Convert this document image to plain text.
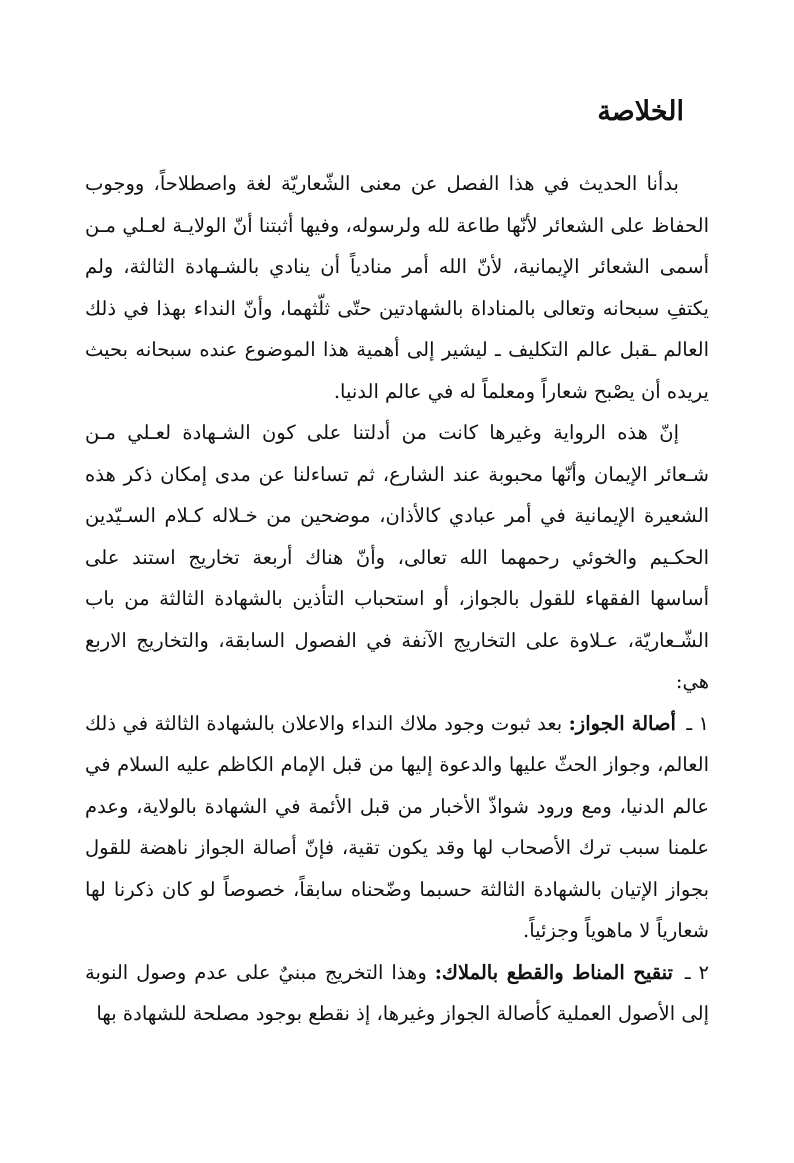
الخلاصة

بدأنا الحديث في هذا الفصل عن معنى الشّعاريّة لغة واصطلاحاً، ووجوب الحفاظ على الشعائر لأنّها طاعة لله ولرسوله، وفيها أثبتنا أنّ الولايـة لعـلي مـن أسمى الشعائر الإيمانية، لأنّ الله أمر منادياً أن ينادي بالشـهادة الثالثة، ولم يكتفِ سبحانه وتعالى بالمناداة بالشهادتين حتّى ثلّثهما، وأنّ النداء بهذا في ذلك العالم ـقبل عالم التكليف ـ ليشير إلى أهمية هذا الموضوع عنده سبحانه بحيث يريده أن يصْبح شعاراً ومعلماً له في عالم الدنيا.

إنّ هذه الرواية وغيرها كانت من أدلتنا على كون الشـهادة لعـلي مـن شـعائر الإيمان وأنّها محبوبة عند الشارع، ثم تساءلنا عن مدى إمكان ذكر هذه الشعيرة الإيمانية في أمر عبادي كالأذان، موضحين من خـلاله كـلام السـيّدين الحكـيم والخوئي رحمهما الله تعالى، وأنّ هناك أربعة تخاريج استند على أساسها الفقهاء للقول بالجواز، أو استحباب التأذين بالشهادة الثالثة من باب الشّـعاريّة، عـلاوة على التخاريج الآنفة في الفصول السابقة، والتخاريج الاربع هي:

١ ـ أصالة الجواز: بعد ثبوت وجود ملاك النداء والاعلان بالشهادة الثالثة في ذلك العالم، وجواز الحثّ عليها والدعوة إليها من قبل الإمام الكاظم عليه السلام في عالم الدنيا، ومع ورود شواذّ الأخبار من قبل الأئمة في الشهادة بالولاية، وعدم علمنا سبب ترك الأصحاب لها وقد يكون تقية، فإنّ أصالة الجواز ناهضة للقول بجواز الإتيان بالشهادة الثالثة حسبما وضّحناه سابقاً، خصوصاً لو كان ذكرنا لها شعارياً لا ماهوياً وجزئياً.

٢ ـ تنقيح المناط والقطع بالملاك: وهذا التخريج مبنيٌ على عدم وصول النوبة إلى الأصول العملية كأصالة الجواز وغيرها، إذ نقطع بوجود مصلحة للشهادة بها
